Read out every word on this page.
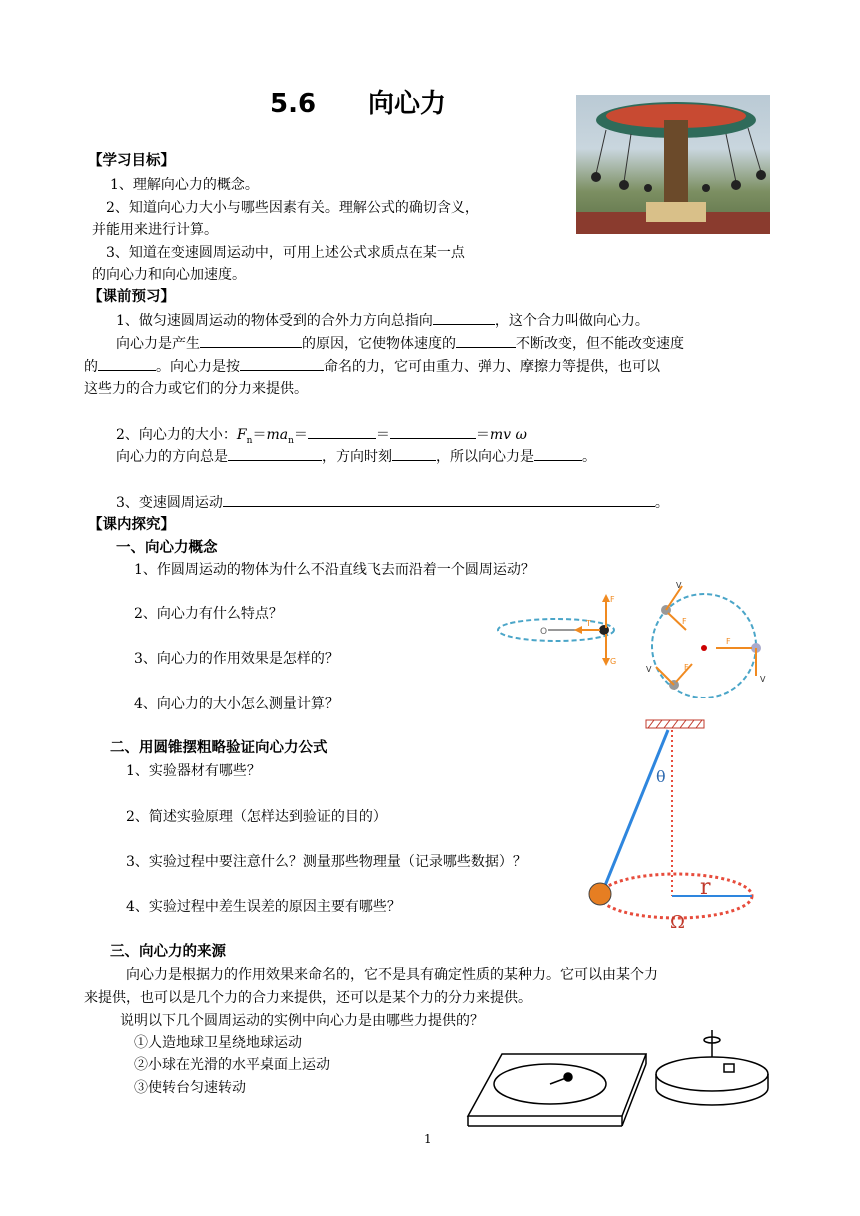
5.6　　向心力
【学习目标】
1、理解向心力的概念。
2、知道向心力大小与哪些因素有关。理解公式的确切含义，
并能用来进行计算。
3、知道在变速圆周运动中，可用上述公式求质点在某一点
的向心力和向心加速度。
【课前预习】
1、做匀速圆周运动的物体受到的合外力方向总指向	，这个合力叫做向心力。
向心力是产生	的原因，它使物体速度的	不断改变，但不能改变速度
的	。向心力是按	命名的力，它可由重力、弹力、摩擦力等提供，也可以
这些力的合力或它们的分力来提供。
2、向心力的大小：$F_n=ma_n=$	＝	＝mv ω
向心力的方向总是	，方向时刻	，所以向心力是	。
3、变速圆周运动	。
【课内探究】
一、向心力概念
1、作圆周运动的物体为什么不沿直线飞去而沿着一个圆周运动？
2、向心力有什么特点？
3、向心力的作用效果是怎样的？
4、向心力的大小怎么测量计算？
O
F
T
G
V
V
V
F
F
F
二、用圆锥摆粗略验证向心力公式
1、实验器材有哪些？
2、简述实验原理（怎样达到验证的目的）
3、实验过程中要注意什么？测量那些物理量（记录哪些数据）？
4、实验过程中差生误差的原因主要有哪些？
θ
r
Ω
三、向心力的来源
向心力是根据力的作用效果来命名的，它不是具有确定性质的某种力。它可以由某个力
来提供，也可以是几个力的合力来提供，还可以是某个力的分力来提供。
说明以下几个圆周运动的实例中向心力是由哪些力提供的？
①人造地球卫星绕地球运动
②小球在光滑的水平桌面上运动
③使转台匀速转动
1
